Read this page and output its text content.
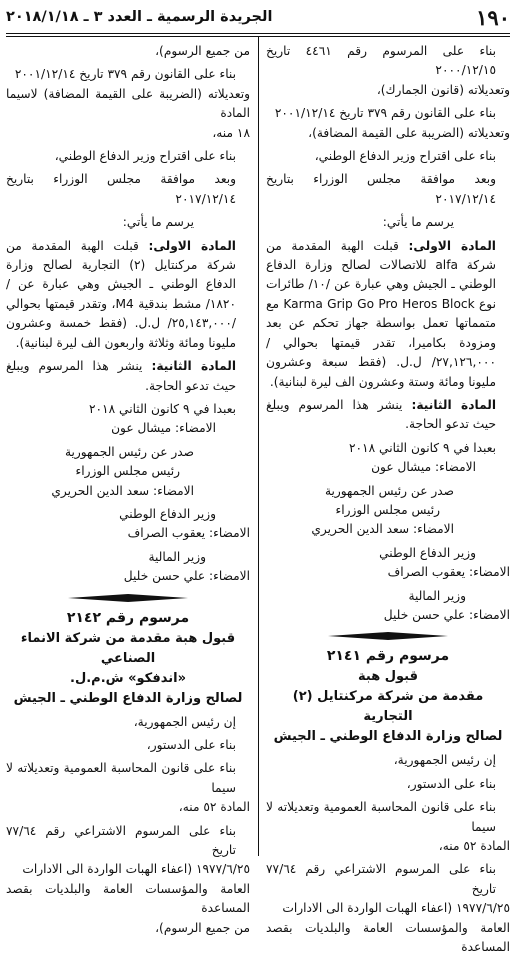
١٩٠
الجريدة الرسمية ـ العدد ٣ ـ ٢٠١٨/١/١٨

بناء على المرسوم رقم ٤٤٦١ تاريخ ٢٠٠٠/١٢/١٥

وتعديلاته (قانون الجمارك)،

بناء على القانون رقم ٣٧٩ تاريخ ٢٠٠١/١٢/١٤

وتعديلاته (الضريبة على القيمة المضافة)،

بناء على اقتراح وزير الدفاع الوطني،

وبعد موافقة مجلس الوزراء بتاريخ ٢٠١٧/١٢/١٤

يرسم ما يأتي:

المادة الاولى: قبلت الهبة المقدمة من شركة alfa للاتصالات لصالح وزارة الدفاع الوطني ـ الجيش وهي عبارة عن /١٠/ طائرات نوع Karma Grip Go Pro Heros Block مع متمماتها تعمل بواسطة جهاز تحكم عن بعد ومزودة بكاميرا، تقدر قيمتها بحوالي /٢٧,١٢٦,٠٠٠/ ل.ل. (فقط سبعة وعشرون مليونا ومائة وستة وعشرون الف ليرة لبنانية).

المادة الثانية: ينشر هذا المرسوم ويبلغ حيث تدعو الحاجة.

بعبدا في ٩ كانون الثاني ٢٠١٨

الامضاء: ميشال عون

صدر عن رئيس الجمهورية

رئيس مجلس الوزراء

الامضاء: سعد الدين الحريري

وزير الدفاع الوطني

الامضاء: يعقوب الصراف

وزير المالية

الامضاء: علي حسن خليل

مرسوم رقم ٢١٤١
قبول هبة
مقدمة من شركة مركنتايل (٢) التجارية
لصالح وزارة الدفاع الوطني ـ الجيش

إن رئيس الجمهورية،

بناء على الدستور،

بناء على قانون المحاسبة العمومية وتعديلاته لا سيما

المادة ٥٢ منه،

بناء على المرسوم الاشتراعي رقم ٧٧/٦٤ تاريخ

١٩٧٧/٦/٢٥ (اعفاء الهبات الواردة الى الادارات

العامة والمؤسسات العامة والبلديات بقصد المساعدة

من جميع الرسوم)،

بناء على القانون رقم ٣٧٩ تاريخ ٢٠٠١/١٢/١٤

وتعديلاته (الضريبة على القيمة المضافة) لاسيما المادة

١٨ منه،

بناء على اقتراح وزير الدفاع الوطني،

وبعد موافقة مجلس الوزراء بتاريخ ٢٠١٧/١٢/١٤

يرسم ما يأتي:

المادة الاولى: قبلت الهبة المقدمة من شركة مركنتايل (٢) التجارية لصالح وزارة الدفاع الوطني ـ الجيش وهي عبارة عن /١٨٢٠/ مشط بندقية M4، وتقدر قيمتها بحوالي /٢٥,١٤٣,٠٠٠/ ل.ل. (فقط خمسة وعشرون مليونا ومائة وثلاثة واربعون الف ليرة لبنانية).

المادة الثانية: ينشر هذا المرسوم ويبلغ حيث تدعو الحاجة.

بعبدا في ٩ كانون الثاني ٢٠١٨

الامضاء: ميشال عون

صدر عن رئيس الجمهورية

رئيس مجلس الوزراء

الامضاء: سعد الدين الحريري

وزير الدفاع الوطني

الامضاء: يعقوب الصراف

وزير المالية

الامضاء: علي حسن خليل

مرسوم رقم ٢١٤٢
قبول هبة مقدمة من شركة الانماء الصناعي
«اندفكو» ش.م.ل.
لصالح وزارة الدفاع الوطني ـ الجيش

إن رئيس الجمهورية،

بناء على الدستور،

بناء على قانون المحاسبة العمومية وتعديلاته لا سيما

المادة ٥٢ منه،

بناء على المرسوم الاشتراعي رقم ٧٧/٦٤ تاريخ

١٩٧٧/٦/٢٥ (اعفاء الهبات الواردة الى الادارات

العامة والمؤسسات العامة والبلديات بقصد المساعدة

من جميع الرسوم)،
